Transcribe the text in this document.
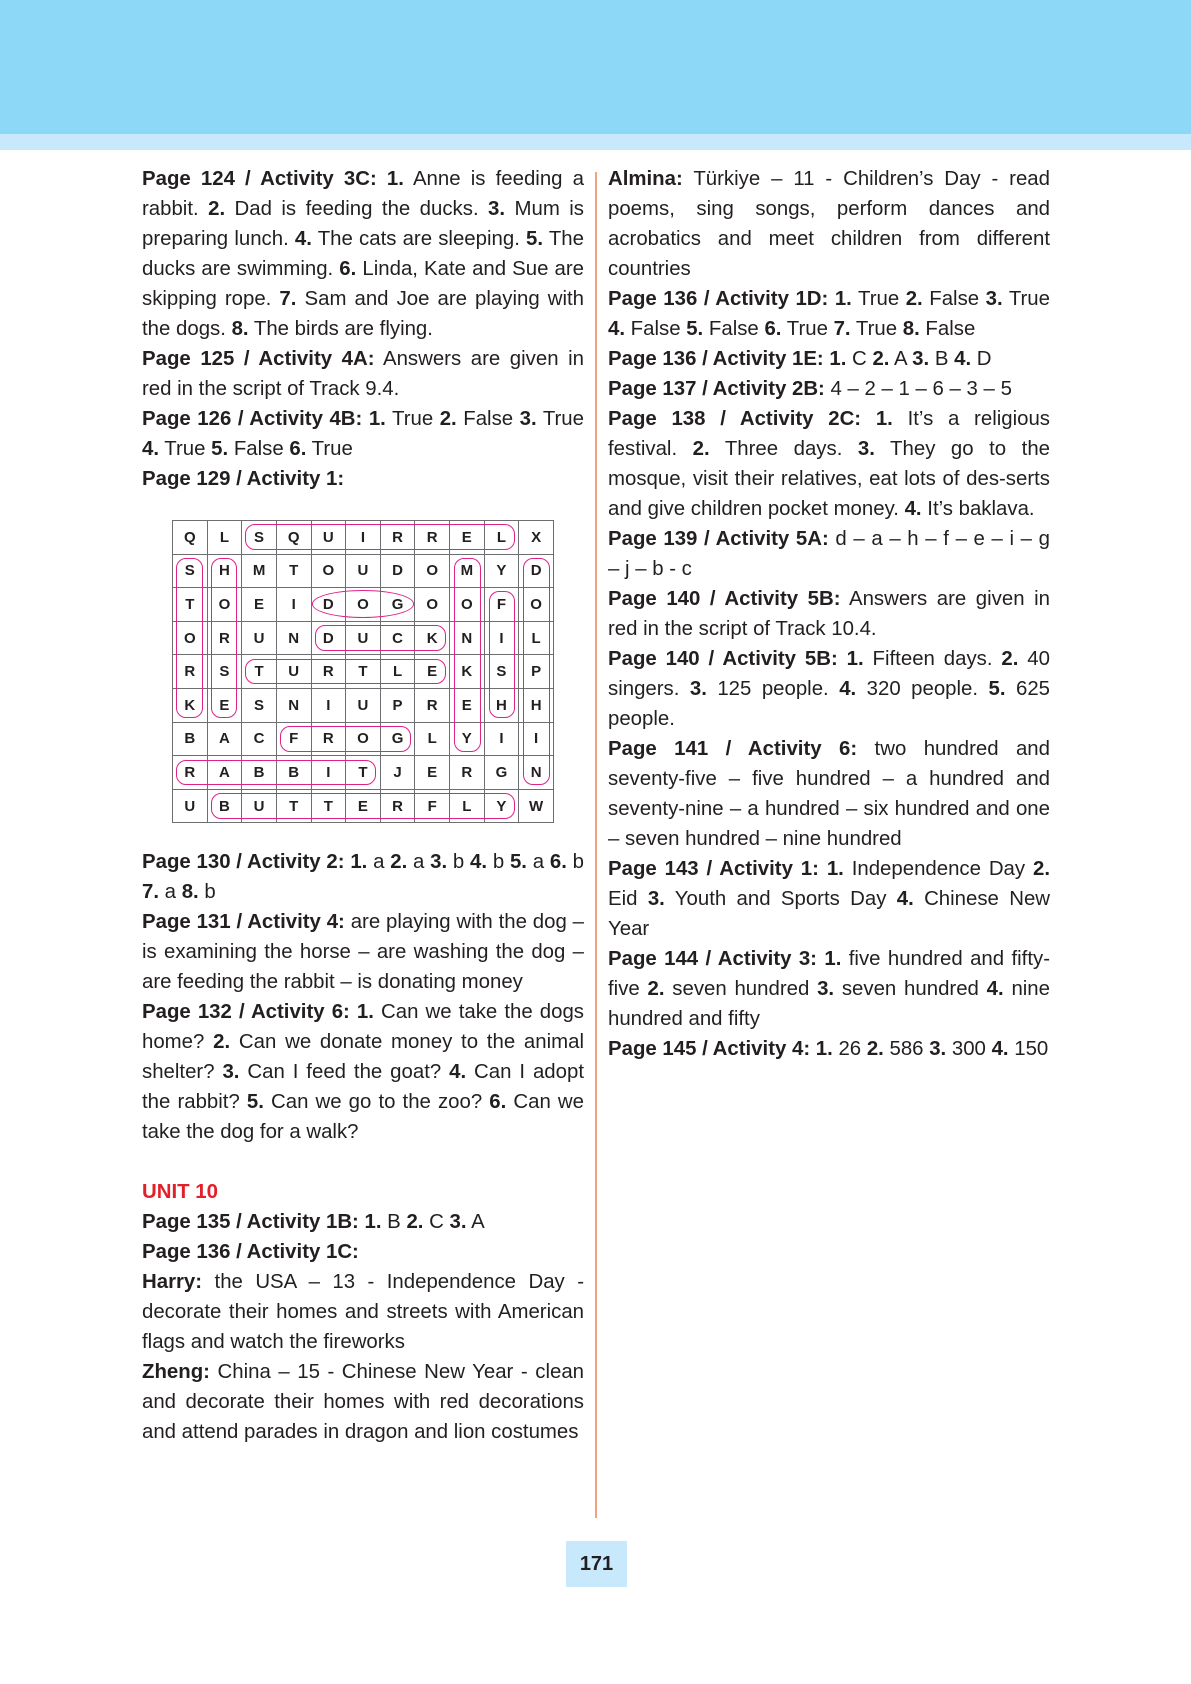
Page 124 / Activity 3C: 1. Anne is feeding a rabbit. 2. Dad is feeding the ducks. 3. Mum is preparing lunch. 4. The cats are sleeping. 5. The ducks are swimming. 6. Linda, Kate and Sue are skipping rope. 7. Sam and Joe are playing with the dogs. 8. The birds are flying.

Page 125 / Activity 4A: Answers are given in red in the script of Track 9.4.

Page 126 / Activity 4B: 1. True 2. False 3. True 4. True 5. False 6. True

Page 129 / Activity 1:

Q	L	S	Q	U	I	R	R	E	L	X
S	H	M	T	O	U	D	O	M	Y	D
T	O	E	I	D	O	G	O	O	F	O
O	R	U	N	D	U	C	K	N	I	L
R	S	T	U	R	T	L	E	K	S	P
K	E	S	N	I	U	P	R	E	H	H
B	A	C	F	R	O	G	L	Y	I	I
R	A	B	B	I	T	J	E	R	G	N
U	B	U	T	T	E	R	F	L	Y	W

Page 130 / Activity 2: 1. a 2. a 3. b 4. b 5. a 6. b 7. a 8. b

Page 131 / Activity 4: are playing with the dog – is examining the horse – are washing the dog – are feeding the rabbit – is donating money

Page 132 / Activity 6: 1. Can we take the dogs home? 2. Can we donate money to the animal shelter? 3. Can I feed the goat? 4. Can I adopt the rabbit? 5. Can we go to the zoo? 6. Can we take the dog for a walk?

UNIT 10

Page 135 / Activity 1B: 1. B 2. C 3. A

Page 136 / Activity 1C:

Harry: the USA – 13 - Independence Day - decorate their homes and streets with American flags and watch the fireworks

Zheng: China – 15 - Chinese New Year - clean and decorate their homes with red decorations and attend parades in dragon and lion costumes

Almina: Türkiye – 11 - Children’s Day - read poems, sing songs, perform dances and acrobatics and meet children from different countries

Page 136 / Activity 1D: 1. True 2. False 3. True 4. False 5. False 6. True 7. True 8. False

Page 136 / Activity 1E: 1. C 2. A 3. B 4. D

Page 137 / Activity 2B: 4 – 2 – 1 – 6 – 3 – 5

Page 138 / Activity 2C: 1. It’s a religious festival. 2. Three days. 3. They go to the mosque, visit their relatives, eat lots of des-serts and give children pocket money. 4. It’s baklava.

Page 139 / Activity 5A: d – a – h – f – e – i – g – j – b - c

Page 140 / Activity 5B: Answers are given in red in the script of Track 10.4.

Page 140 / Activity 5B: 1. Fifteen days. 2. 40 singers. 3. 125 people. 4. 320 people. 5. 625 people.

Page 141 / Activity 6: two hundred and seventy-five – five hundred – a hundred and seventy-nine – a hundred – six hundred and one – seven hundred – nine hundred

Page 143 / Activity 1: 1. Independence Day 2. Eid 3. Youth and Sports Day 4. Chinese New Year

Page 144 / Activity 3: 1. five hundred and fifty-five 2. seven hundred 3. seven hundred 4. nine hundred and fifty

Page 145 / Activity 4: 1. 26 2. 586 3. 300 4. 150

171
